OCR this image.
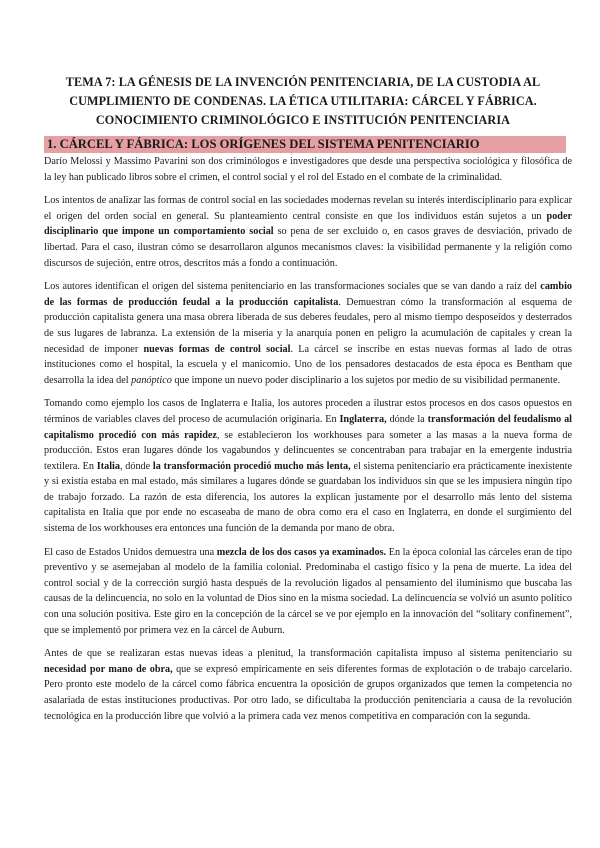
TEMA 7: LA GÉNESIS DE LA INVENCIÓN PENITENCIARIA, DE LA CUSTODIA AL
CUMPLIMIENTO DE CONDENAS. LA ÉTICA UTILITARIA: CÁRCEL Y FÁBRICA.
CONOCIMIENTO CRIMINOLÓGICO E INSTITUCIÓN PENITENCIARIA
1. CÁRCEL Y FÁBRICA: LOS ORÍGENES DEL SISTEMA PENITENCIARIO

Darío Melossi y Massimo Pavarini son dos criminólogos e investigadores que desde una perspectiva sociológica y filosófica de la ley han publicado libros sobre el crimen, el control social y el rol del Estado en el combate de la criminalidad.

Los intentos de analizar las formas de control social en las sociedades modernas revelan su interés interdisciplinario para explicar el origen del orden social en general. Su planteamiento central consiste en que los individuos están sujetos a un poder disciplinario que impone un comportamiento social so pena de ser excluido o, en casos graves de desviación, privado de libertad. Para el caso, ilustran cómo se desarrollaron algunos mecanismos claves: la visibilidad permanente y la religión como discursos de sujeción, entre otros, descritos más a fondo a continuación.

Los autores identifican el origen del sistema penitenciario en las transformaciones sociales que se van dando a raíz del cambio de las formas de producción feudal a la producción capitalista. Demuestran cómo la transformación al esquema de producción capitalista genera una masa obrera liberada de sus deberes feudales, pero al mismo tiempo desposeídos y desterrados de sus lugares de labranza. La extensión de la miseria y la anarquía ponen en peligro la acumulación de capitales y crean la necesidad de imponer nuevas formas de control social. La cárcel se inscribe en estas nuevas formas al lado de otras instituciones como el hospital, la escuela y el manicomio. Uno de los pensadores destacados de esta época es Bentham que desarrolla la idea del panóptico que impone un nuevo poder disciplinario a los sujetos por medio de su visibilidad permanente.

Tomando como ejemplo los casos de Inglaterra e Italia, los autores proceden a ilustrar estos procesos en dos casos opuestos en términos de variables claves del proceso de acumulación originaria. En Inglaterra, dónde la transformación del feudalismo al capitalismo procedió con más rapidez, se establecieron los workhouses para someter a las masas a la nueva forma de producción. Estos eran lugares dónde los vagabundos y delincuentes se concentraban para trabajar en la emergente industria textilera. En Italia, dónde la transformación procedió mucho más lenta, el sistema penitenciario era prácticamente inexistente y si existía estaba en mal estado, más similares a lugares dónde se guardaban los individuos sin que se les impusiera ningún tipo de trabajo forzado. La razón de esta diferencia, los autores la explican justamente por el desarrollo más lento del sistema capitalista en Italia que por ende no escaseaba de mano de obra como era el caso en Inglaterra, en donde el surgimiento del sistema de los workhouses era entonces una función de la demanda por mano de obra.

El caso de Estados Unidos demuestra una mezcla de los dos casos ya examinados. En la época colonial las cárceles eran de tipo preventivo y se asemejaban al modelo de la familia colonial. Predominaba el castigo físico y la pena de muerte. La idea del control social y de la corrección surgió hasta después de la revolución ligados al pensamiento del iluminismo que buscaba las causas de la delincuencia, no solo en la voluntad de Dios sino en la misma sociedad. La delincuencia se volvió un asunto político con una solución positiva. Este giro en la concepción de la cárcel se ve por ejemplo en la innovación del “solitary confinement”, que se implementó por primera vez en la cárcel de Auburn.

Antes de que se realizaran estas nuevas ideas a plenitud, la transformación capitalista impuso al sistema penitenciario su necesidad por mano de obra, que se expresó empíricamente en seis diferentes formas de explotación o de trabajo carcelario. Pero pronto este modelo de la cárcel como fábrica encuentra la oposición de grupos organizados que temen la competencia no asalariada de estas instituciones productivas. Por otro lado, se dificultaba la producción penitenciaria a causa de la revolución tecnológica en la producción libre que volvió a la primera cada vez menos competitiva en comparación con la segunda.
